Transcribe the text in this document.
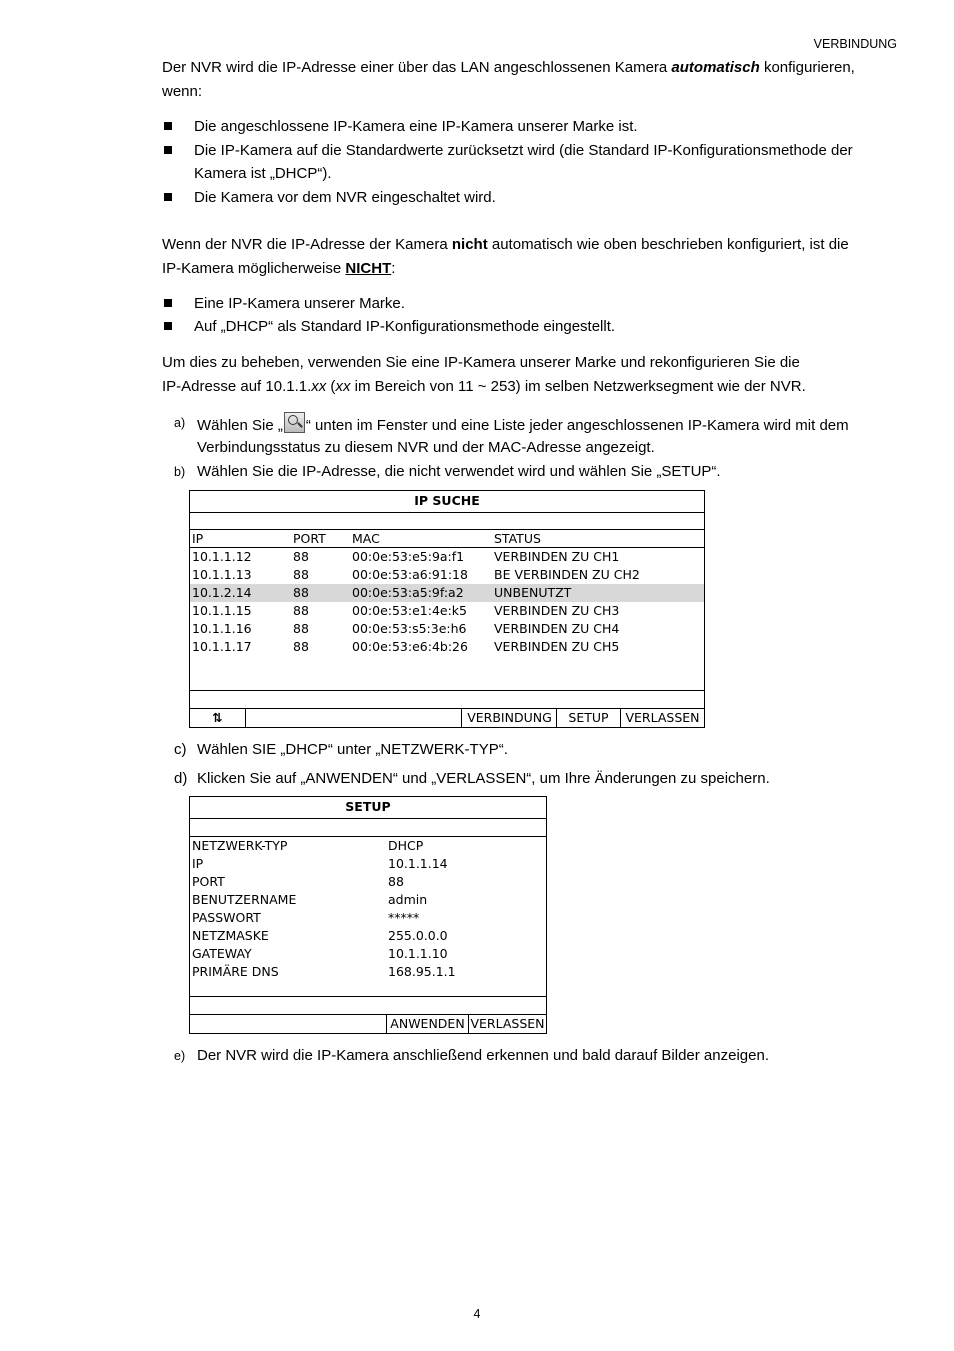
VERBINDUNG
Der NVR wird die IP-Adresse einer über das LAN angeschlossenen Kamera automatisch konfigurieren,
wenn:
Die angeschlossene IP-Kamera eine IP-Kamera unserer Marke ist.
Die IP-Kamera auf die Standardwerte zurücksetzt wird (die Standard IP-Konfigurationsmethode der Kamera ist „DHCP“).
Die Kamera vor dem NVR eingeschaltet wird.
Wenn der NVR die IP-Adresse der Kamera nicht automatisch wie oben beschrieben konfiguriert, ist die
IP-Kamera möglicherweise NICHT:
Eine IP-Kamera unserer Marke.
Auf „DHCP“ als Standard IP-Konfigurationsmethode eingestellt.
Um dies zu beheben, verwenden Sie eine IP-Kamera unserer Marke und rekonfigurieren Sie die
IP-Adresse auf 10.1.1.xx (xx im Bereich von 11 ~ 253) im selben Netzwerksegment wie der NVR.
a) Wählen Sie „ “ unten im Fenster und eine Liste jeder angeschlossenen IP-Kamera wird mit dem
Verbindungsstatus zu diesem NVR und der MAC-Adresse angezeigt.
b) Wählen Sie die IP-Adresse, die nicht verwendet wird und wählen Sie „SETUP“.
IP SUCHE
IP	PORT MAC	STATUS
10.1.1.12	88	00:0e:53:e5:9a:f1 VERBINDEN ZU CH1
10.1.1.13	88	00:0e:53:a6:91:18 BE VERBINDEN ZU CH2
10.1.2.14	88	00:0e:53:a5:9f:a2 UNBENUTZT
10.1.1.15	88	00:0e:53:e1:4e:k5 VERBINDEN ZU CH3
10.1.1.16	88	00:0e:53:s5:3e:h6 VERBINDEN ZU CH4
10.1.1.17	88	00:0e:53:e6:4b:26 VERBINDEN ZU CH5
⇅	VERBINDUNG	SETUP	VERLASSEN
c) Wählen SIE „DHCP“ unter „NETZWERK-TYP“.
d) Klicken Sie auf „ANWENDEN“ und „VERLASSEN“, um Ihre Änderungen zu speichern.
SETUP
NETZWERK-TYP	DHCP
IP	10.1.1.14
PORT	88
BENUTZERNAME	admin
PASSWORT	*****
NETZMASKE	255.0.0.0
GATEWAY	10.1.1.10
PRIMÄRE DNS	168.95.1.1
ANWENDEN VERLASSEN
e) Der NVR wird die IP-Kamera anschließend erkennen und bald darauf Bilder anzeigen.
4
